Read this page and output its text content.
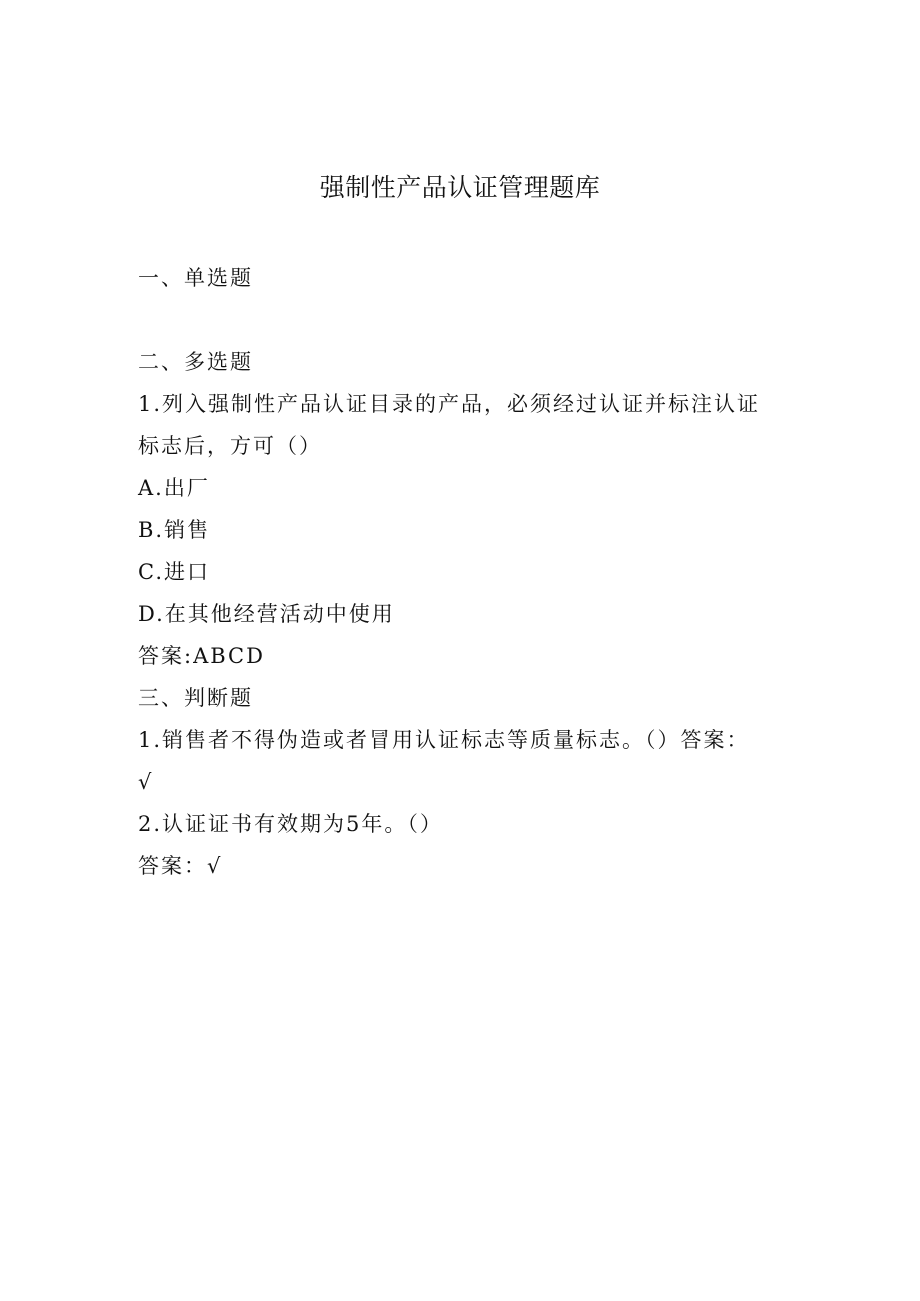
强制性产品认证管理题库
一、单选题
二、多选题
1.列入强制性产品认证目录的产品，必须经过认证并标注认证
标志后，方可（）
A.出厂
B.销售
C.进口
D.在其他经营活动中使用
答案:ABCD
三、判断题
1.销售者不得伪造或者冒用认证标志等质量标志。（）答案：
√
2.认证证书有效期为5年。（）
答案：√
